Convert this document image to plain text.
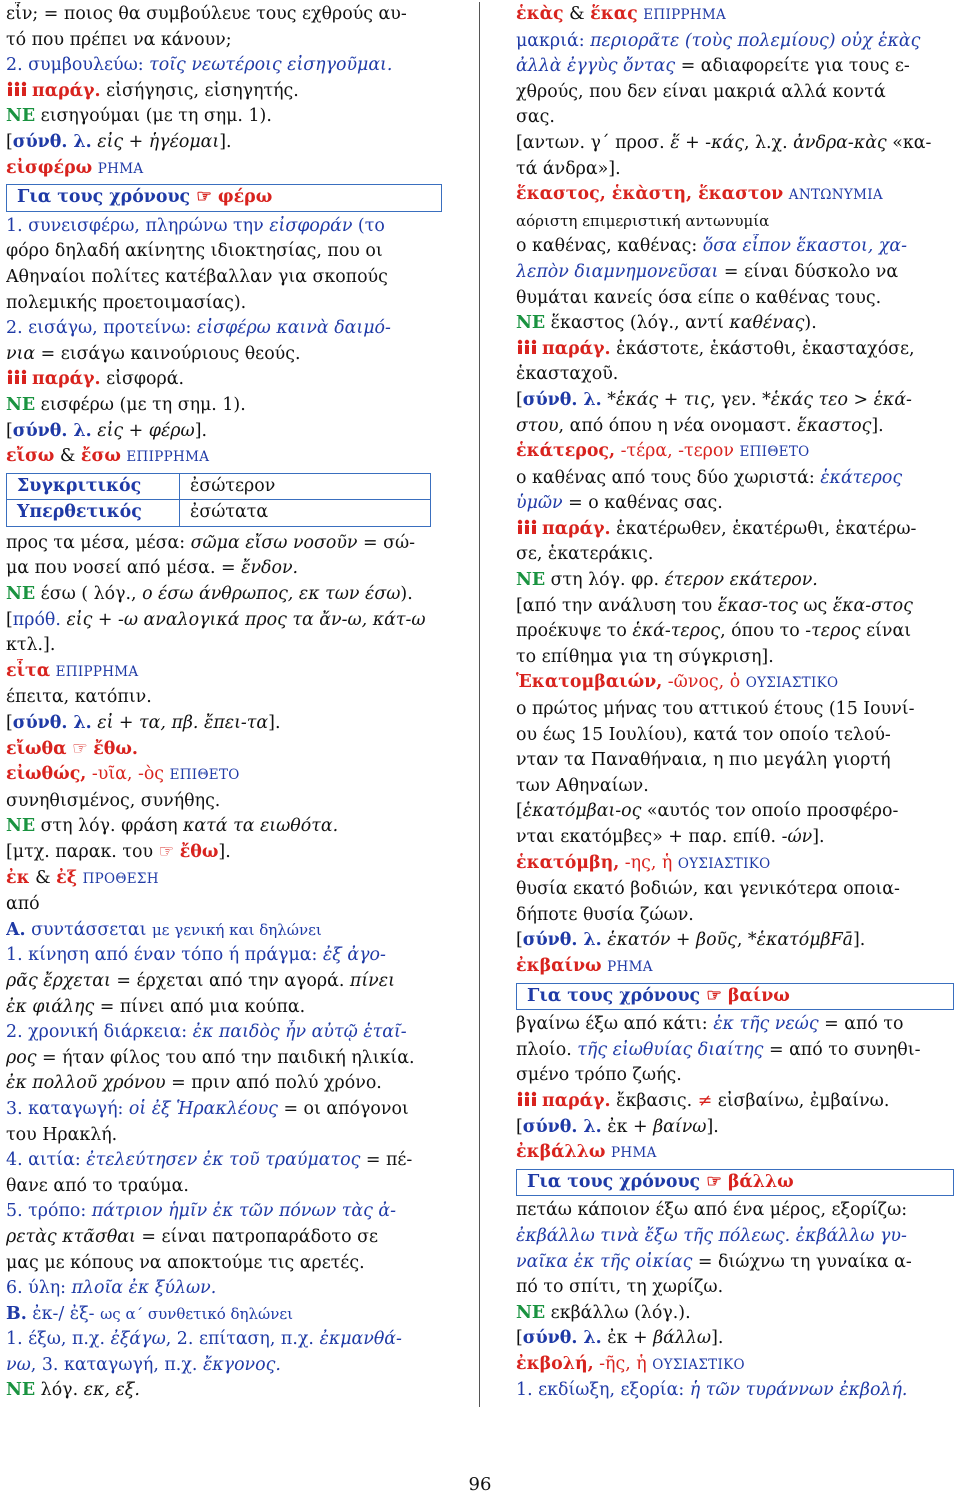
εἶν; = ποιος θα συμβούλευε τους εχθρούς αυ-
τό που πρέπει να κάνουν;
2. συμβουλεύω: τοῖς νεωτέροις εἰσηγοῦμαι.
παράγ. εἰσήγησις, εἰσηγητής.
ΝΕ εισηγούμαι (με τη σημ. 1).
[σύνθ. λ. εἰς + ἡγέομαι].
εἰσφέρω ΡΗΜΑ
Για τους χρόνους ☞ φέρω
1. συνεισφέρω, πληρώνω την εἰσφοράν (το
φόρο δηλαδή ακίνητης ιδιοκτησίας, που οι
Αθηναίοι πολίτες κατέβαλλαν για σκοπούς
πολεμικής προετοιμασίας).
2. εισάγω, προτείνω: εἰσφέρω καινὰ δαιμό-
νια = εισάγω καινούριους θεούς.
παράγ. εἰσφορά.
ΝΕ εισφέρω (με τη σημ. 1).
[σύνθ. λ. εἰς + φέρω].
εἴσω & ἔσω ΕΠΙΡΡΗΜΑ
Συγκριτικός	ἐσώτερον
Υπερθετικός	ἐσώτατα
προς τα μέσα, μέσα: σῶμα εἴσω νοσοῦν = σώ-
μα που νοσεί από μέσα. = ἔνδον.
ΝΕ έσω ( λόγ., ο έσω άνθρωπος, εκ των έσω).
[πρόθ. εἰς + -ω αναλογικά προς τα ἄν-ω, κάτ-ω
κτλ.].
εἶτα ΕΠΙΡΡΗΜΑ
έπειτα, κατόπιν.
[σύνθ. λ. εἰ + τα, πβ. ἔπει-τα].
εἴωθα ☞ ἔθω.
εἰωθώς, -υῖα, -ὸς ΕΠΙΘΕΤΟ
συνηθισμένος, συνήθης.
ΝΕ στη λόγ. φράση κατά τα ειωθότα.
[μτχ. παρακ. του ☞ ἔθω].
ἐκ & ἐξ ΠΡΟΘΕΣΗ
από
Α. συντάσσεται με γενική και δηλώνει
1. κίνηση από έναν τόπο ή πράγμα: ἐξ ἀγο-
ρᾶς ἔρχεται = έρχεται από την αγορά. πίνει
ἐκ φιάλης = πίνει από μια κούπα.
2. χρονική διάρκεια: ἐκ παιδὸς ἦν αὐτῷ ἑταῖ-
ρος = ήταν φίλος του από την παιδική ηλικία.
ἐκ πολλοῦ χρόνου = πριν από πολύ χρόνο.
3. καταγωγή: οἱ ἐξ Ἡρακλέους = οι απόγονοι
του Ηρακλή.
4. αιτία: ἐτελεύτησεν ἐκ τοῦ τραύματος = πέ-
θανε από το τραύμα.
5. τρόπο: πάτριον ἡμῖν ἐκ τῶν πόνων τὰς ἀ-
ρετὰς κτᾶσθαι = είναι πατροπαράδοτο σε
μας με κόπους να αποκτούμε τις αρετές.
6. ύλη: πλοῖα ἐκ ξύλων.
Β. ἐκ-/ ἐξ- ως α΄ συνθετικό δηλώνει
1. έξω, π.χ. ἐξάγω, 2. επίταση, π.χ. ἐκμανθά-
νω, 3. καταγωγή, π.χ. ἔκγονος.
ΝΕ λόγ. εκ, εξ.
ἑκὰς & ἕκας ΕΠΙΡΡΗΜΑ
μακριά: περιορᾶτε (τοὺς πολεμίους) οὐχ ἑκὰς
ἀλλὰ ἐγγὺς ὄντας = αδιαφορείτε για τους ε-
χθρούς, που δεν είναι μακριά αλλά κοντά
σας.
[αντων. γ΄ προσ. ἕ + -κάς, λ.χ. ἀνδρα-κὰς «κα-
τά άνδρα»].
ἕκαστος, ἑκὰστη, ἕκαστον ΑΝΤΩΝΥΜΙΑ
αόριστη επιμεριστική αντωνυμία
ο καθένας, καθένας: ὅσα εἶπον ἕκαστοι, χα-
λεπὸν διαμνημονεῦσαι = είναι δύσκολο να
θυμάται κανείς όσα είπε ο καθένας τους.
ΝΕ ἕκαστος (λόγ., αντί καθένας).
παράγ. ἑκάστοτε, ἑκάστοθι, ἑκασταχόσε,
ἑκασταχοῦ.
[σύνθ. λ. *ἑκάς + τις, γεν. *ἑκάς τεο > ἑκά-
στου, από όπου η νέα ονομαστ. ἕκαστος].
ἑκάτερος, -τέρα, -τερον ΕΠΙΘΕΤΟ
ο καθένας από τους δύο χωριστά: ἑκάτερος
ὑμῶν = ο καθένας σας.
παράγ. ἑκατέρωθεν, ἑκατέρωθι, ἑκατέρω-
σε, ἑκατεράκις.
ΝΕ στη λόγ. φρ. έτερον εκάτερον.
[από την ανάλυση του ἕκασ-τος ως ἕκα-στος
προέκυψε το ἑκά-τερος, όπου το -τερος είναι
το επίθημα για τη σύγκριση].
Ἑκατομβαιών, -ῶνος, ὁ ΟΥΣΙΑΣΤΙΚΟ
ο πρώτος μήνας του αττικού έτους (15 Ιουνί-
ου έως 15 Ιουλίου), κατά τον οποίο τελού-
νταν τα Παναθήναια, η πιο μεγάλη γιορτή
των Αθηναίων.
[ἑκατόμβαι-ος «αυτός τον οποίο προσφέρο-
νται εκατόμβες» + παρ. επίθ. -ών].
ἑκατόμβη, -ης, ἡ ΟΥΣΙΑΣΤΙΚΟ
θυσία εκατό βοδιών, και γενικότερα οποια-
δήποτε θυσία ζώων.
[σύνθ. λ. ἑκατόν + βοῦς, *ἑκατόμβFā].
ἐκβαίνω ΡΗΜΑ
Για τους χρόνους ☞ βαίνω
βγαίνω έξω από κάτι: ἐκ τῆς νεώς = από το
πλοίο. τῆς εἰωθυίας διαίτης = από το συνηθι-
σμένο τρόπο ζωής.
παράγ. ἔκβασις. ≠ εἰσβαίνω, ἐμβαίνω.
[σύνθ. λ. ἐκ + βαίνω].
ἐκβάλλω ΡΗΜΑ
Για τους χρόνους ☞ βάλλω
πετάω κάποιον έξω από ένα μέρος, εξορίζω:
ἐκβάλλω τινὰ ἔξω τῆς πόλεως. ἐκβάλλω γυ-
ναῖκα ἐκ τῆς οἰκίας = διώχνω τη γυναίκα α-
πό το σπίτι, τη χωρίζω.
ΝΕ εκβάλλω (λόγ.).
[σύνθ. λ. ἐκ + βάλλω].
ἐκβολή, -ῆς, ἡ ΟΥΣΙΑΣΤΙΚΟ
1. εκδίωξη, εξορία: ἡ τῶν τυράννων ἐκβολή.
96
